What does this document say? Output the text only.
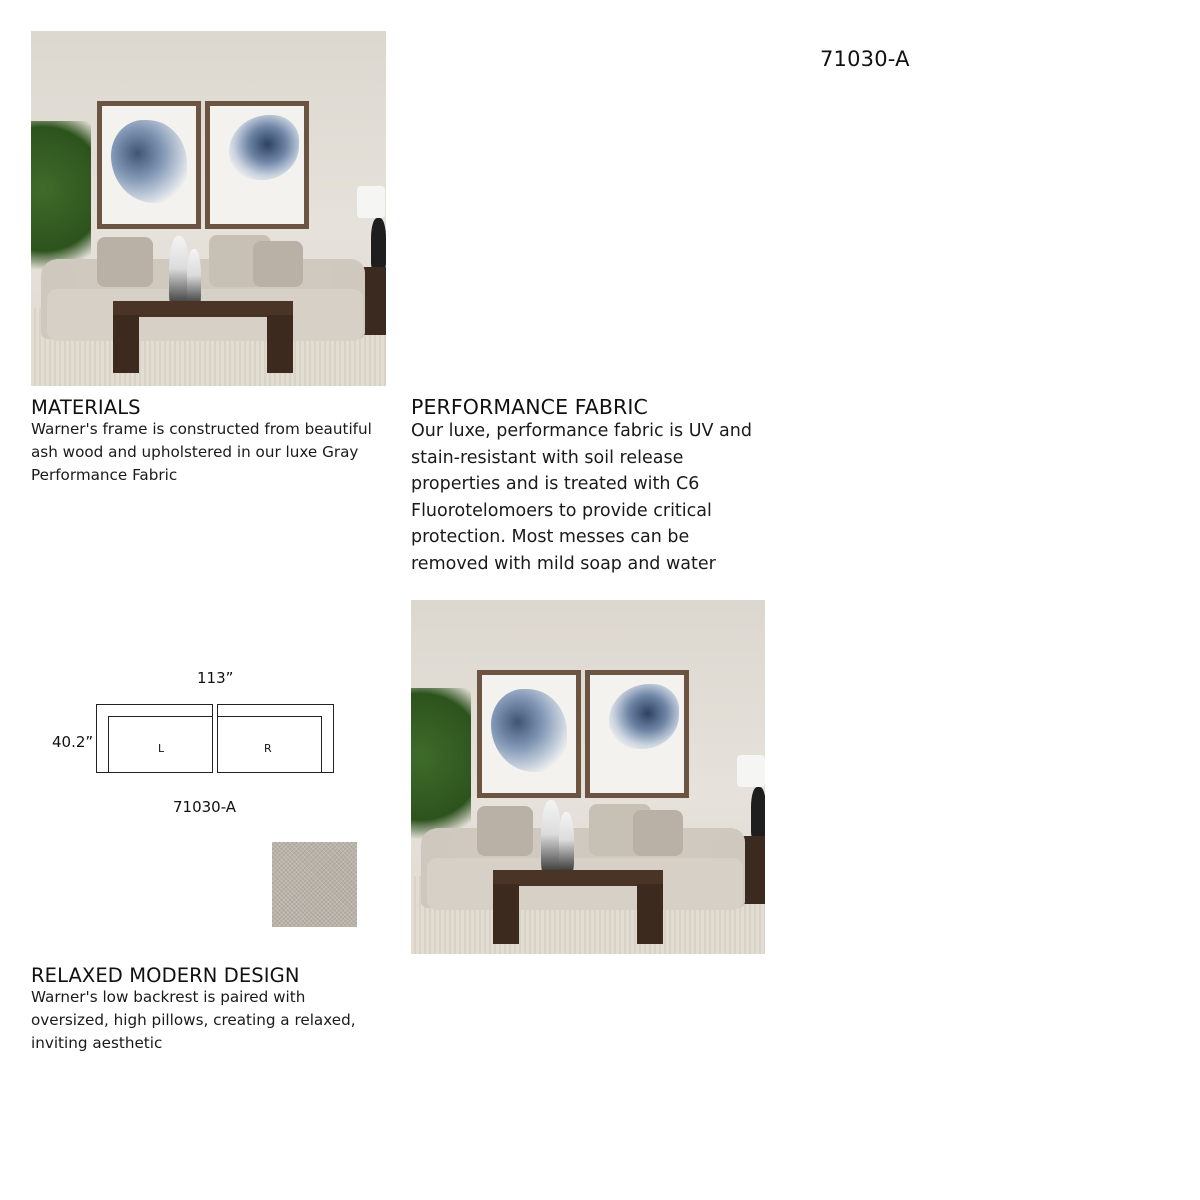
71030-A
MATERIALS
Warner's frame is constructed from beautiful ash wood and upholstered in our luxe Gray Performance Fabric
PERFORMANCE FABRIC
Our luxe, performance fabric is UV and stain-resistant with soil release properties and is treated with C6 Fluorotelomoers to provide critical protection. Most messes can be removed with mild soap and water
113”
40.2”	L	R
71030-A
RELAXED MODERN DESIGN
Warner's low backrest is paired with oversized, high pillows, creating a relaxed, inviting aesthetic
